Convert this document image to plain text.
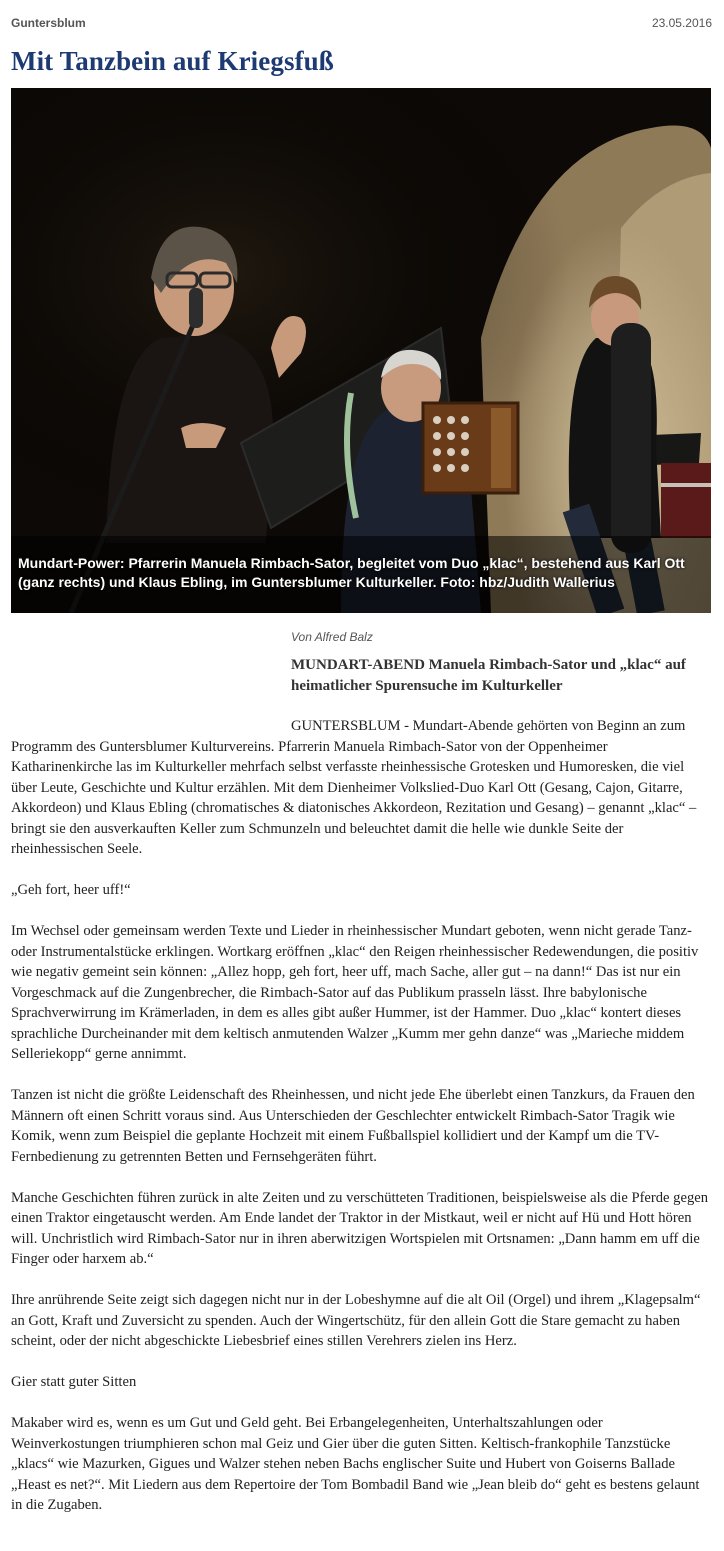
Guntersblum	23.05.2016
Mit Tanzbein auf Kriegsfuß
Mundart-Power: Pfarrerin Manuela Rimbach-Sator, begleitet vom Duo „klac“, bestehend aus Karl Ott (ganz rechts) und Klaus Ebling, im Guntersblumer Kulturkeller. Foto: hbz/Judith Wallerius
Von Alfred Balz
MUNDART-ABEND Manuela Rimbach-Sator und „klac“ auf heimatlicher Spurensuche im Kulturkeller

GUNTERSBLUM - Mundart-Abende gehörten von Beginn an zum Programm des Guntersblumer Kulturvereins. Pfarrerin Manuela Rimbach-Sator von der Oppenheimer Katharinenkirche las im Kulturkeller mehrfach selbst verfasste rheinhessische Grotesken und Humoresken, die viel über Leute, Geschichte und Kultur erzählen. Mit dem Dienheimer Volkslied-Duo Karl Ott (Gesang, Cajon, Gitarre, Akkordeon) und Klaus Ebling (chromatisches & diatonisches Akkordeon, Rezitation und Gesang) – genannt „klac“ – bringt sie den ausverkauften Keller zum Schmunzeln und beleuchtet damit die helle wie dunkle Seite der rheinhessischen Seele.

„Geh fort, heer uff!“

Im Wechsel oder gemeinsam werden Texte und Lieder in rheinhessischer Mundart geboten, wenn nicht gerade Tanz- oder Instrumentalstücke erklingen. Wortkarg eröffnen „klac“ den Reigen rheinhessischer Redewendungen, die positiv wie negativ gemeint sein können: „Allez hopp, geh fort, heer uff, mach Sache, aller gut – na dann!“ Das ist nur ein Vorgeschmack auf die Zungenbrecher, die Rimbach-Sator auf das Publikum prasseln lässt. Ihre babylonische Sprachverwirrung im Krämerladen, in dem es alles gibt außer Hummer, ist der Hammer. Duo „klac“ kontert dieses sprachliche Durcheinander mit dem keltisch anmutenden Walzer „Kumm mer gehn danze“ was „Marieche middem Selleriekopp“ gerne annimmt.

Tanzen ist nicht die größte Leidenschaft des Rheinhessen, und nicht jede Ehe überlebt einen Tanzkurs, da Frauen den Männern oft einen Schritt voraus sind. Aus Unterschieden der Geschlechter entwickelt Rimbach-Sator Tragik wie Komik, wenn zum Beispiel die geplante Hochzeit mit einem Fußballspiel kollidiert und der Kampf um die TV-Fernbedienung zu getrennten Betten und Fernsehgeräten führt.

Manche Geschichten führen zurück in alte Zeiten und zu verschütteten Traditionen, beispielsweise als die Pferde gegen einen Traktor eingetauscht werden. Am Ende landet der Traktor in der Mistkaut, weil er nicht auf Hü und Hott hören will. Unchristlich wird Rimbach-Sator nur in ihren aberwitzigen Wortspielen mit Ortsnamen: „Dann hamm em uff die Finger oder harxem ab.“

Ihre anrührende Seite zeigt sich dagegen nicht nur in der Lobeshymne auf die alt Oil (Orgel) und ihrem „Klagepsalm“ an Gott, Kraft und Zuversicht zu spenden. Auch der Wingertschütz, für den allein Gott die Stare gemacht zu haben scheint, oder der nicht abgeschickte Liebesbrief eines stillen Verehrers zielen ins Herz.

Gier statt guter Sitten

Makaber wird es, wenn es um Gut und Geld geht. Bei Erbangelegenheiten, Unterhaltszahlungen oder Weinverkostungen triumphieren schon mal Geiz und Gier über die guten Sitten. Keltisch-frankophile Tanzstücke „klacs“ wie Mazurken, Gigues und Walzer stehen neben Bachs englischer Suite und Hubert von Goiserns Ballade „Heast es net?“. Mit Liedern aus dem Repertoire der Tom Bombadil Band wie „Jean bleib do“ geht es bestens gelaunt in die Zugaben.
